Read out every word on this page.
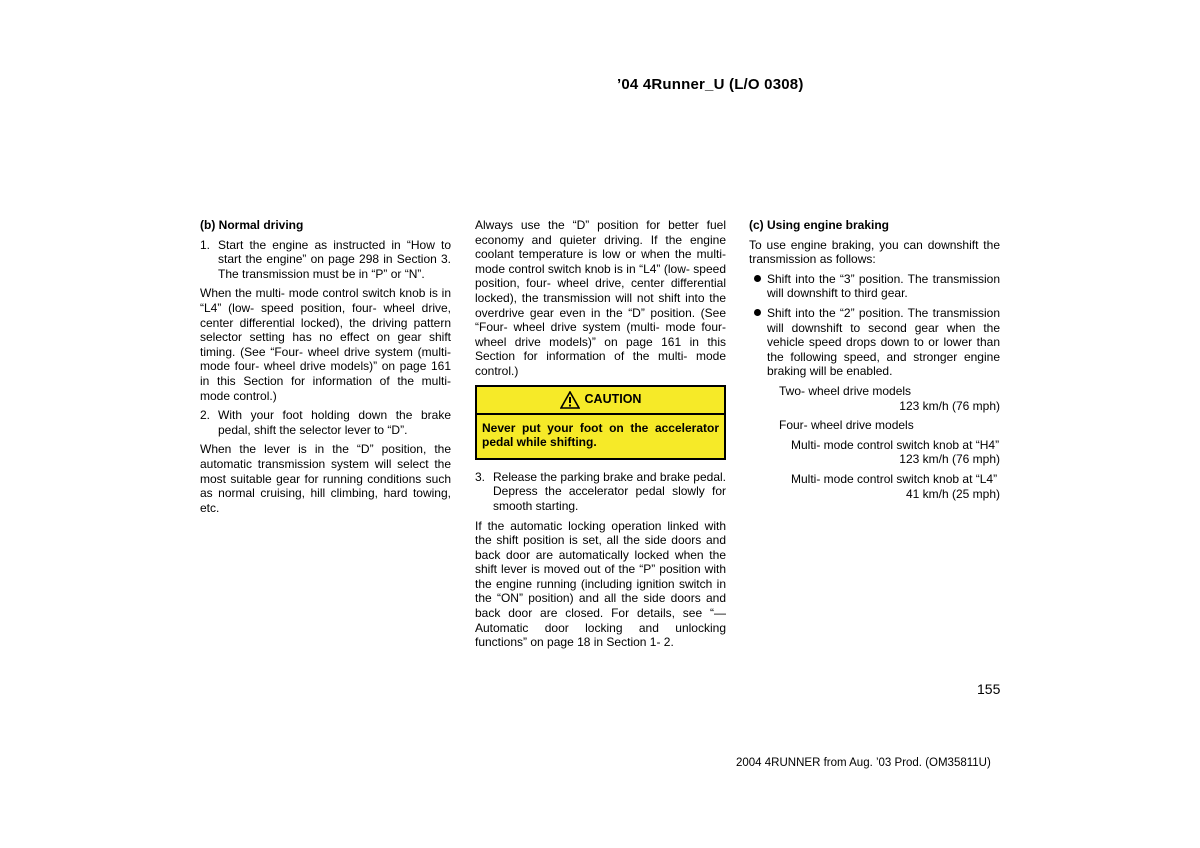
’04 4Runner_U (L/O 0308)
(b) Normal driving
1. Start the engine as instructed in “How to start the engine” on page 298 in Section 3. The transmission must be in “P” or “N”.

When the multi- mode control switch knob is in “L4” (low- speed position, four- wheel drive, center differential locked), the driving pattern selector setting has no effect on gear shift timing. (See “Four- wheel drive system (multi- mode four- wheel drive models)” on page 161 in this Section for information of the multi- mode control.)

2. With your foot holding down the brake pedal, shift the selector lever to “D”.

When the lever is in the “D” position, the automatic transmission system will select the most suitable gear for running conditions such as normal cruising, hill climbing, hard towing, etc.

Always use the “D” position for better fuel economy and quieter driving. If the engine coolant temperature is low or when the multi- mode control switch knob is in “L4” (low- speed position, four- wheel drive, center differential locked), the transmission will not shift into the overdrive gear even in the “D” position. (See “Four- wheel drive system (multi- mode four- wheel drive models)” on page 161 in this Section for information of the multi- mode control.)

CAUTION
Never put your foot on the accelerator pedal while shifting.
3. Release the parking brake and brake pedal. Depress the accelerator pedal slowly for smooth starting.

If the automatic locking operation linked with the shift position is set, all the side doors and back door are automatically locked when the shift lever is moved out of the “P” position with the engine running (including ignition switch in the “ON” position) and all the side doors and back door are closed. For details, see “—Automatic door locking and unlocking functions” on page 18 in Section 1- 2.

(c) Using engine braking

To use engine braking, you can downshift the transmission as follows:

Shift into the “3” position. The transmission will downshift to third gear.
Shift into the “2” position. The transmission will downshift to second gear when the vehicle speed drops down to or lower than the following speed, and stronger engine braking will be enabled.

Two- wheel drive models

123 km/h (76 mph)

Four- wheel drive models

Multi- mode control switch knob at “H4”

123 km/h (76 mph)

Multi- mode control switch knob at “L4”

41 km/h (25 mph)

155
2004 4RUNNER from Aug. ’03 Prod. (OM35811U)
